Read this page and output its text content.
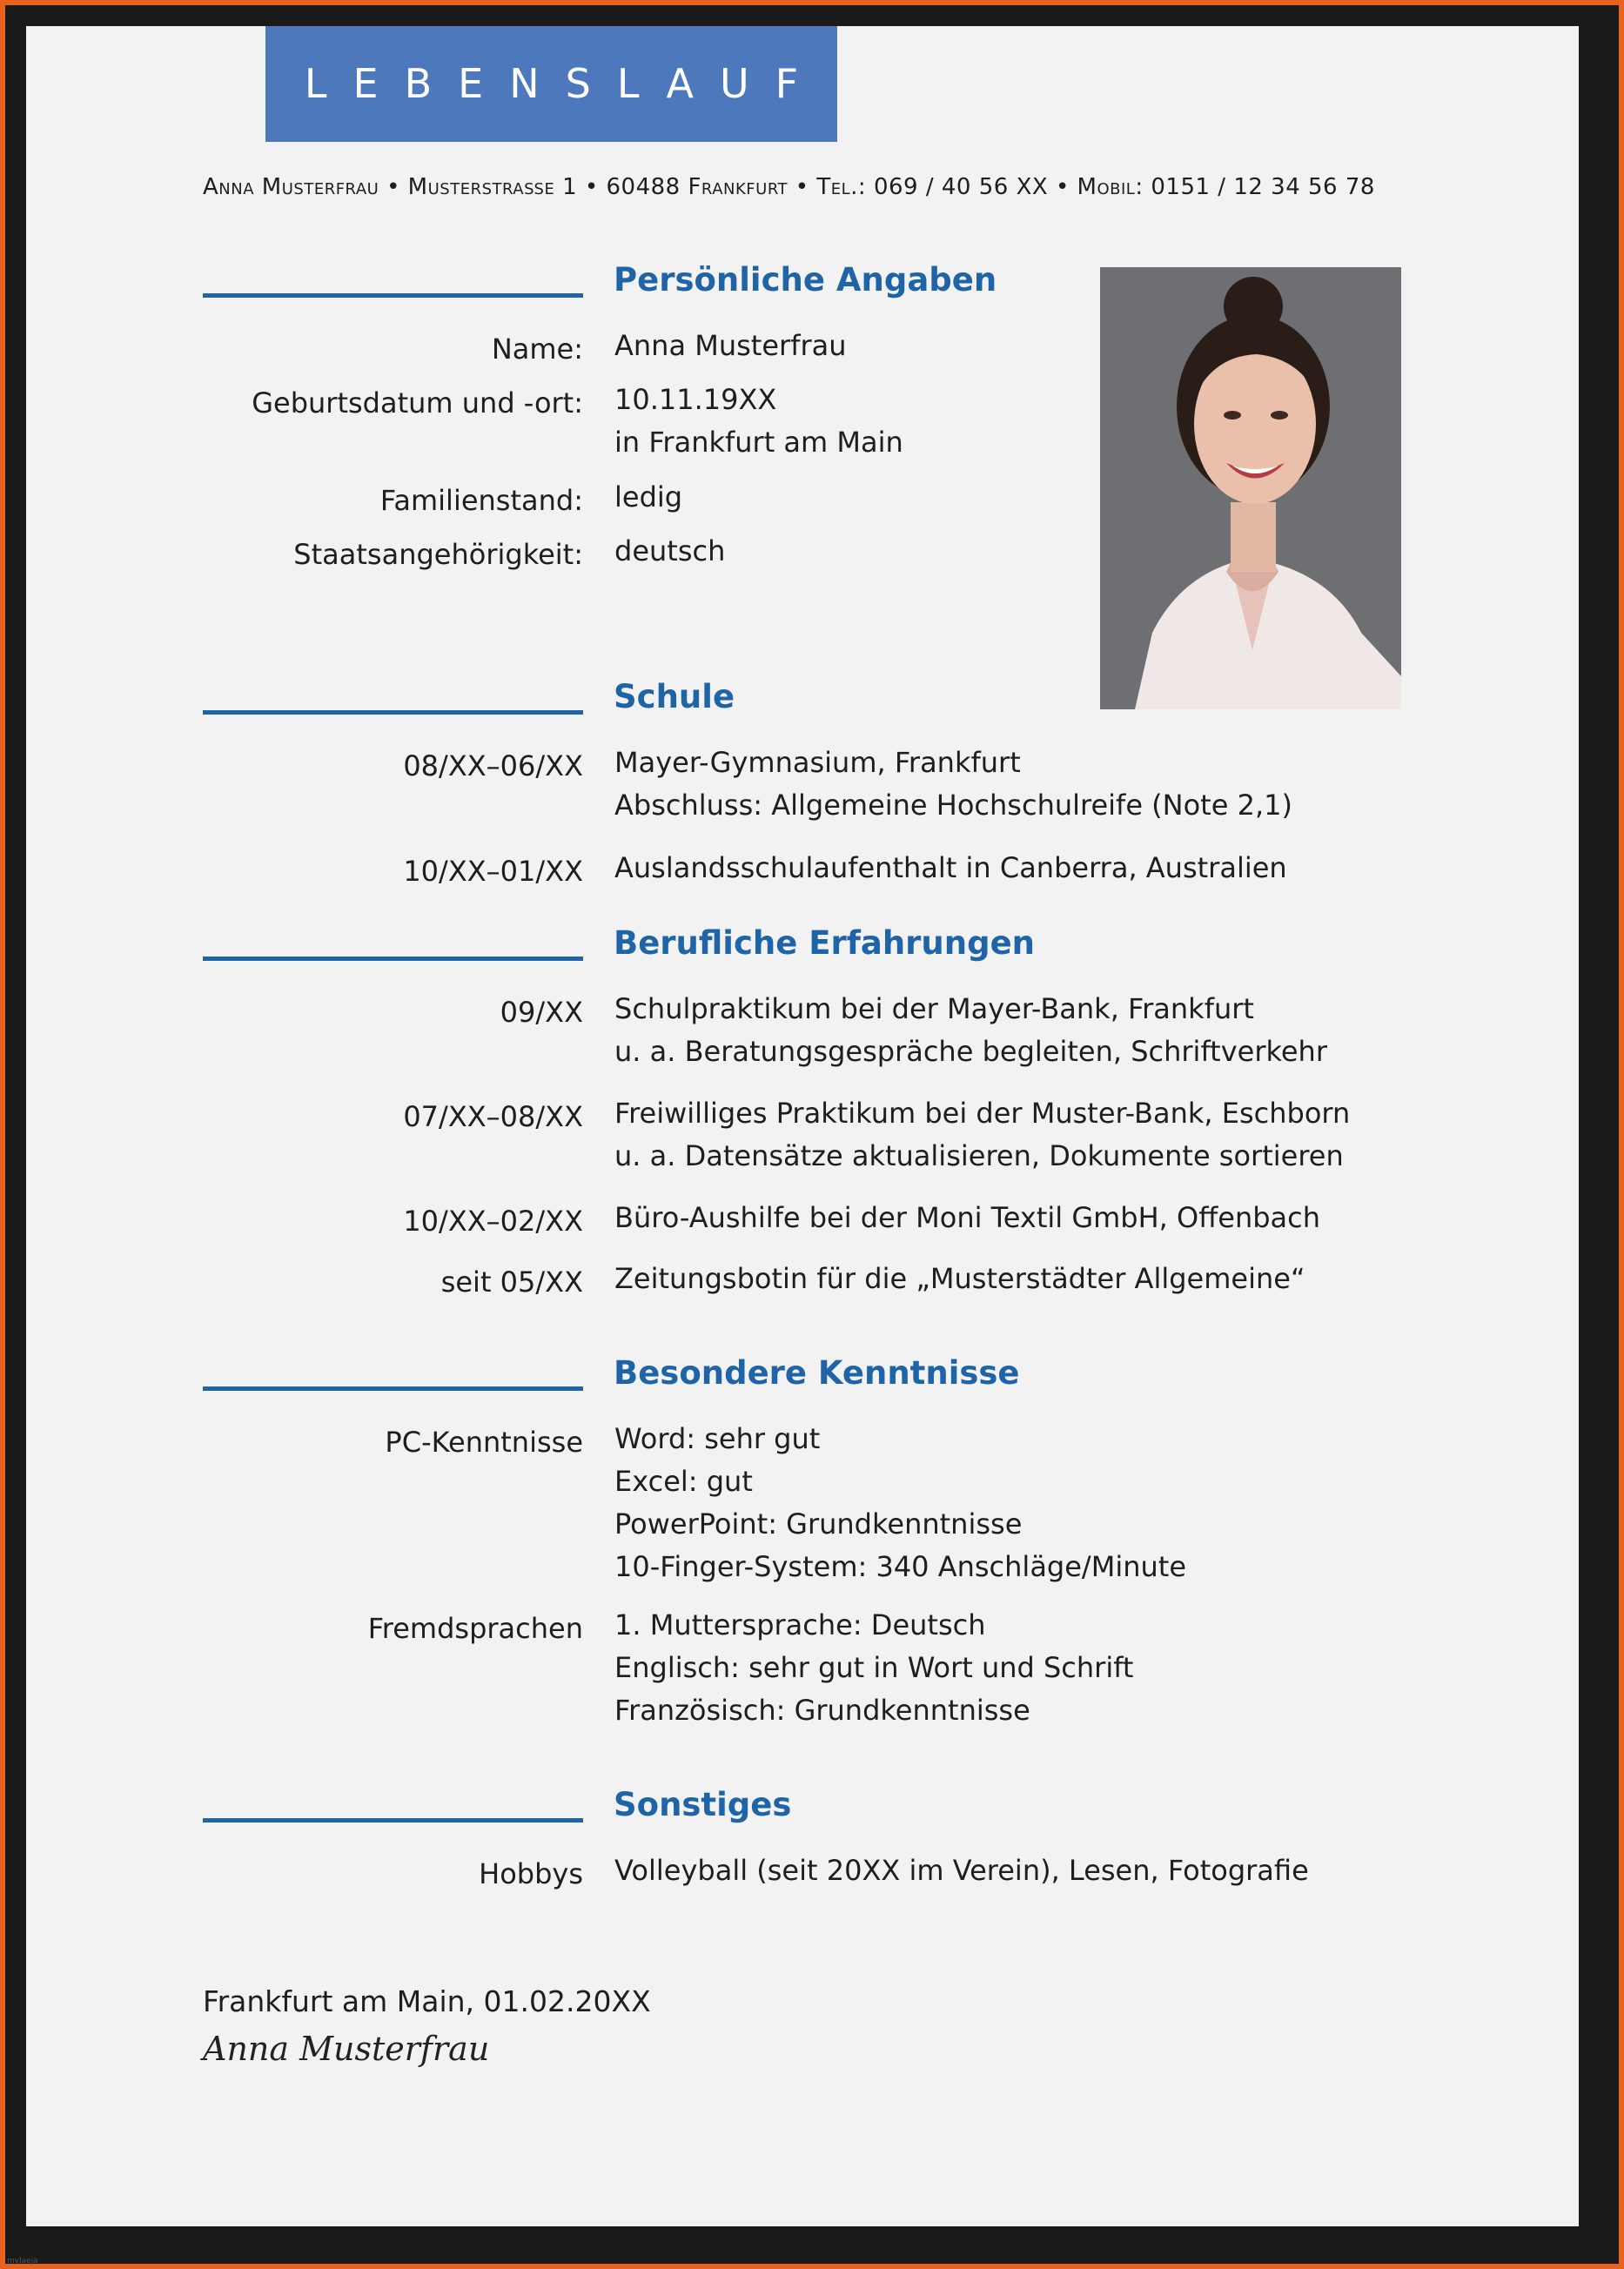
LEBENSLAUF
Anna Musterfrau • Musterstraße 1 • 60488 Frankfurt • Tel.: 069 / 40 56 XX • Mobil: 0151 / 12 34 56 78
Persönliche Angaben
Name: Anna Musterfrau
Geburtsdatum und -ort: 10.11.19XX
in Frankfurt am Main
Familienstand: ledig
Staatsangehörigkeit: deutsch
Schule
08/XX–06/XX Mayer-Gymnasium, Frankfurt
Abschluss: Allgemeine Hochschulreife (Note 2,1)
10/XX–01/XX Auslandsschulaufenthalt in Canberra, Australien
Berufliche Erfahrungen
09/XX Schulpraktikum bei der Mayer-Bank, Frankfurt
u. a. Beratungsgespräche begleiten, Schriftverkehr
07/XX–08/XX Freiwilliges Praktikum bei der Muster-Bank, Eschborn
u. a. Datensätze aktualisieren, Dokumente sortieren
10/XX–02/XX Büro-Aushilfe bei der Moni Textil GmbH, Offenbach
seit 05/XX Zeitungsbotin für die „Musterstädter Allgemeine“
Besondere Kenntnisse
PC-Kenntnisse Word: sehr gut
Excel: gut
PowerPoint: Grundkenntnisse
10-Finger-System: 340 Anschläge/Minute
Fremdsprachen 1. Muttersprache: Deutsch
Englisch: sehr gut in Wort und Schrift
Französisch: Grundkenntnisse
Sonstiges
Hobbys Volleyball (seit 20XX im Verein), Lesen, Fotografie
Frankfurt am Main, 01.02.20XX
Anna Musterfrau
mylaeja
